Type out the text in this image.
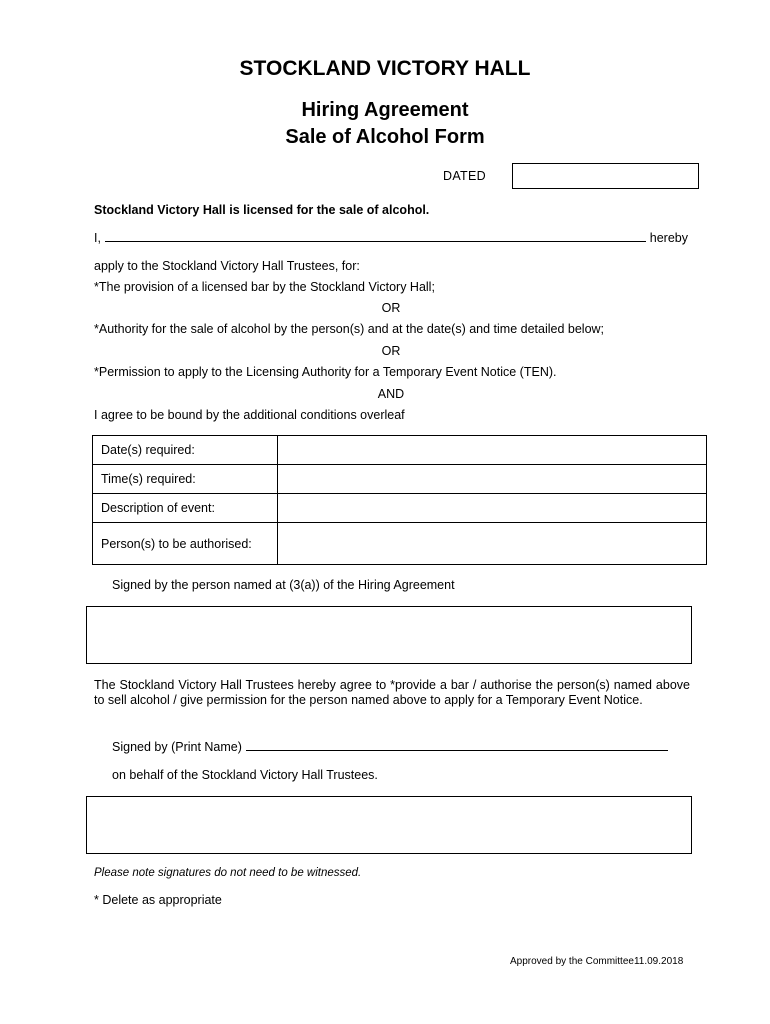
STOCKLAND VICTORY HALL
Hiring Agreement
Sale of Alcohol Form
DATED
Stockland Victory Hall is licensed for the sale of alcohol.
I,	hereby
apply to the Stockland Victory Hall Trustees, for:
*The provision of a licensed bar by the Stockland Victory Hall;
OR
*Authority for the sale of alcohol by the person(s) and at the date(s) and time detailed below;
OR
*Permission to apply to the Licensing Authority for a Temporary Event Notice (TEN).
AND
I agree to be bound by the additional conditions overleaf
Date(s) required:	
Time(s) required:	
Description of event:	
Person(s) to be authorised:	
Signed by the person named at (3(a)) of the Hiring Agreement
The Stockland Victory Hall Trustees hereby agree to *provide a bar / authorise the person(s) named above to sell alcohol / give permission for the person named above to apply for a Temporary Event Notice.
Signed by (Print Name)
on behalf of the Stockland Victory Hall Trustees.
Please note signatures do not need to be witnessed.
* Delete as appropriate
Approved by the Committee11.09.2018
